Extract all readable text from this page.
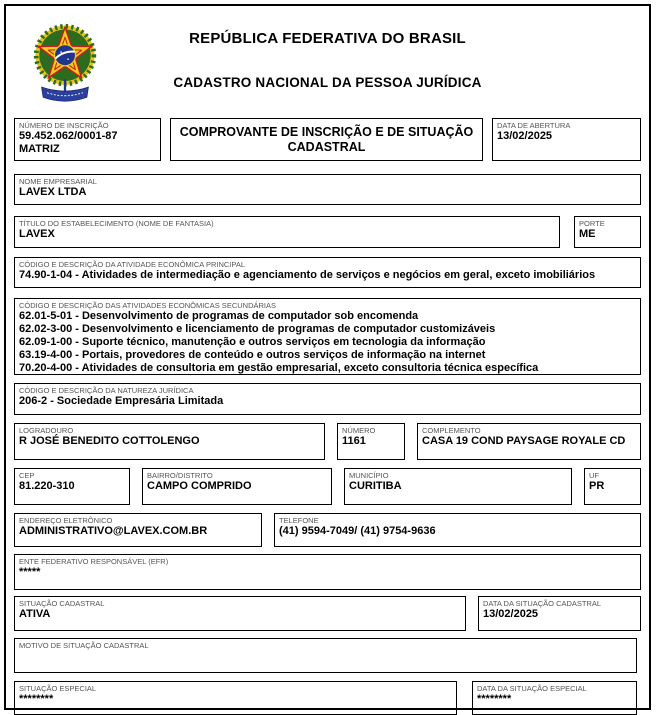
REPÚBLICA FEDERATIVA DO BRASIL
CADASTRO NACIONAL DA PESSOA JURÍDICA
NÚMERO DE INSCRIÇÃO
59.452.062/0001-87
MATRIZ
COMPROVANTE DE INSCRIÇÃO E DE SITUAÇÃO
CADASTRAL
DATA DE ABERTURA
13/02/2025
NOME EMPRESARIAL
LAVEX LTDA
TÍTULO DO ESTABELECIMENTO (NOME DE FANTASIA)
LAVEX
PORTE
ME
CÓDIGO E DESCRIÇÃO DA ATIVIDADE ECONÔMICA PRINCIPAL
74.90-1-04 - Atividades de intermediação e agenciamento de serviços e negócios em geral, exceto imobiliários
CÓDIGO E DESCRIÇÃO DAS ATIVIDADES ECONÔMICAS SECUNDÁRIAS
62.01-5-01 - Desenvolvimento de programas de computador sob encomenda
62.02-3-00 - Desenvolvimento e licenciamento de programas de computador customizáveis
62.09-1-00 - Suporte técnico, manutenção e outros serviços em tecnologia da informação
63.19-4-00 - Portais, provedores de conteúdo e outros serviços de informação na internet
70.20-4-00 - Atividades de consultoria em gestão empresarial, exceto consultoria técnica específica
CÓDIGO E DESCRIÇÃO DA NATUREZA JURÍDICA
206-2 - Sociedade Empresária Limitada
LOGRADOURO
R JOSÉ BENEDITO COTTOLENGO
NÚMERO
1161
COMPLEMENTO
CASA 19 COND PAYSAGE ROYALE CD
CEP
81.220-310
BAIRRO/DISTRITO
CAMPO COMPRIDO
MUNICÍPIO
CURITIBA
UF
PR
ENDEREÇO ELETRÔNICO
ADMINISTRATIVO@LAVEX.COM.BR
TELEFONE
(41) 9594-7049/ (41) 9754-9636
ENTE FEDERATIVO RESPONSÁVEL (EFR)
*****
SITUAÇÃO CADASTRAL
ATIVA
DATA DA SITUAÇÃO CADASTRAL
13/02/2025
MOTIVO DE SITUAÇÃO CADASTRAL
SITUAÇÃO ESPECIAL
********
DATA DA SITUAÇÃO ESPECIAL
********
